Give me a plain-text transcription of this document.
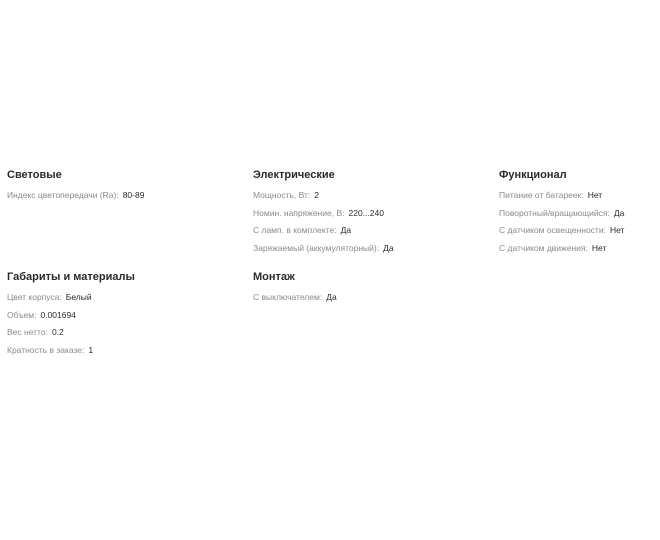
Световые
Индекс цветопередачи (Ra): 80-89
Электрические
Мощность, Вт: 2
Номин. напряжение, В: 220...240
С ламп. в комплекте: Да
Заряжаемый (аккумуляторный): Да
Функционал
Питание от батареек: Нет
Поворотный/вращающийся: Да
С датчиком освещенности: Нет
С датчиком движения: Нет
Габариты и материалы
Цвет корпуса: Белый
Объем: 0.001694
Вес нетто: 0.2
Кратность в заказе: 1
Монтаж
С выключателем: Да
